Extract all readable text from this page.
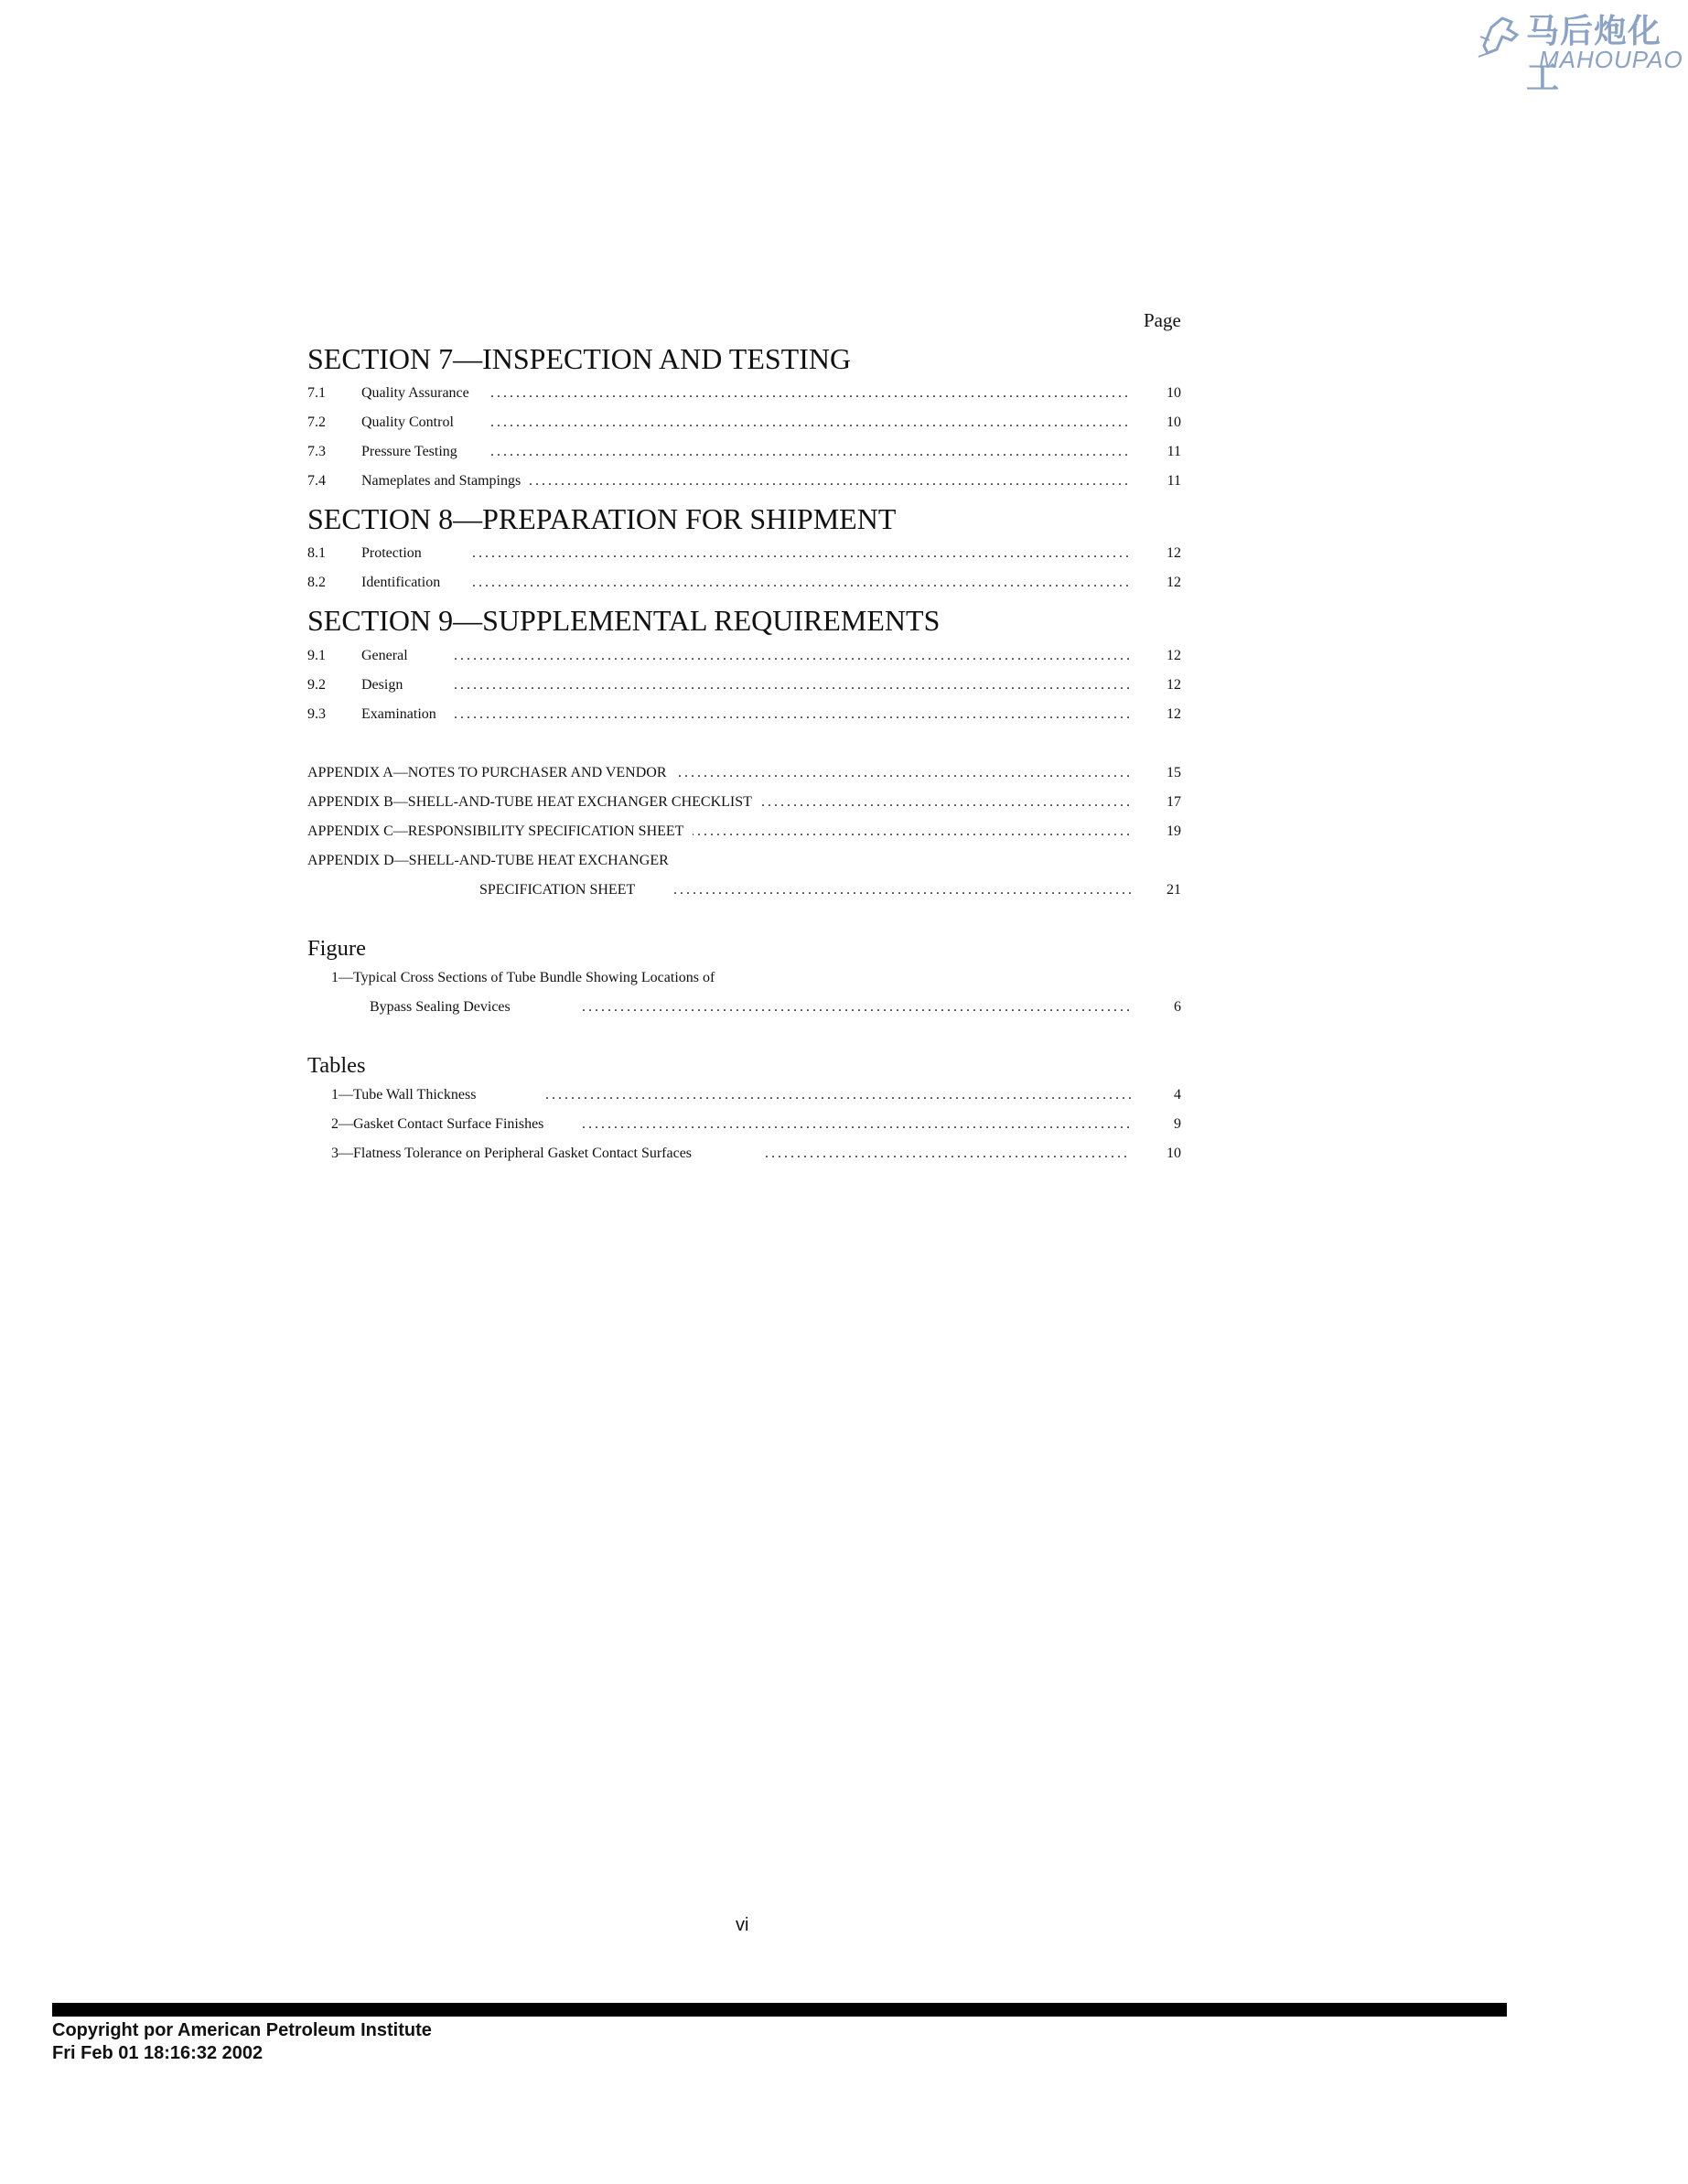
马后炮化工
MAHOUPAO
Page
SECTION 7—INSPECTION AND TESTING
.....
7.1 Quality Assurance	10
.....
7.2 Quality Control	10
.....
7.3 Pressure Testing	11
.....
7.4 Nameplates and Stampings	11
SECTION 8—PREPARATION FOR SHIPMENT
.....
8.1 Protection	12
.....
8.2 Identification	12
SECTION 9—SUPPLEMENTAL REQUIREMENTS
.....
9.1 General	12
.....
9.2 Design	12
.....
9.3 Examination	12
.....
APPENDIX A—NOTES TO PURCHASER AND VENDOR	15
.....
APPENDIX B—SHELL-AND-TUBE HEAT EXCHANGER CHECKLIST	17
.....
APPENDIX C—RESPONSIBILITY SPECIFICATION SHEET	19
APPENDIX D—SHELL-AND-TUBE HEAT EXCHANGER
.....
SPECIFICATION SHEET	21
Figure
1—Typical Cross Sections of Tube Bundle Showing Locations of
.....
Bypass Sealing Devices	6
Tables
.....
1—Tube Wall Thickness	4
.....
2—Gasket Contact Surface Finishes	9
.....
3—Flatness Tolerance on Peripheral Gasket Contact Surfaces	10
vi
Copyright por American Petroleum Institute
Fri Feb 01 18:16:32 2002
